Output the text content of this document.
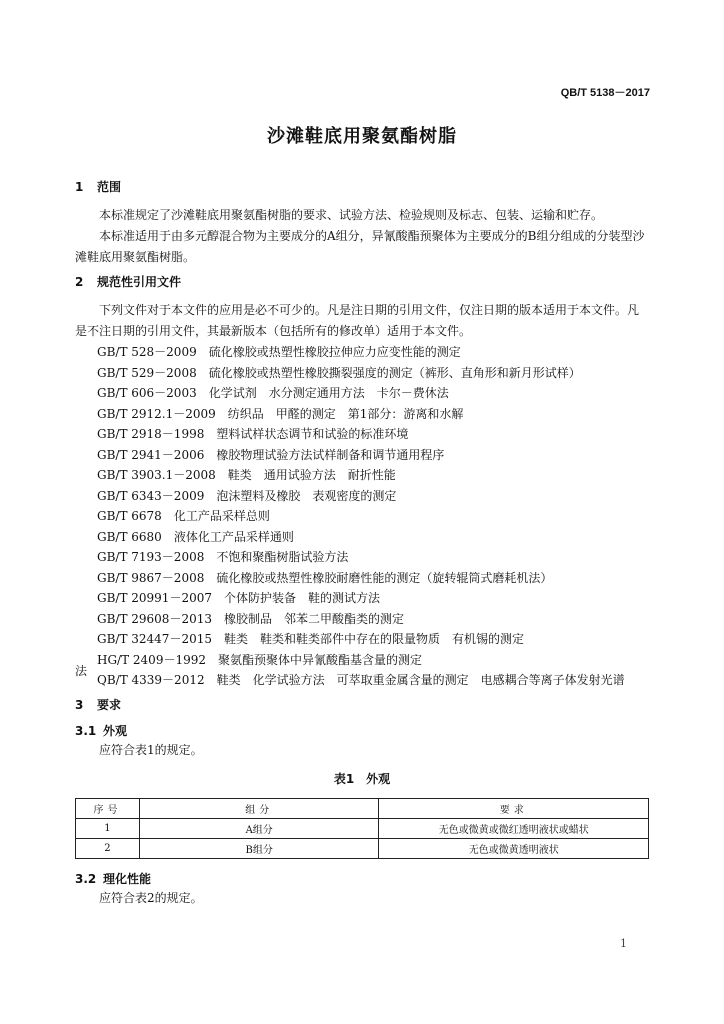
QB/T 5138－2017
沙滩鞋底用聚氨酯树脂
1 范围
本标准规定了沙滩鞋底用聚氨酯树脂的要求、试验方法、检验规则及标志、包装、运输和贮存。
本标准适用于由多元醇混合物为主要成分的A组分，异氰酸酯预聚体为主要成分的B组分组成的分装型沙滩鞋底用聚氨酯树脂。
2 规范性引用文件
下列文件对于本文件的应用是必不可少的。凡是注日期的引用文件，仅注日期的版本适用于本文件。凡是不注日期的引用文件，其最新版本（包括所有的修改单）适用于本文件。
GB/T 528－2009 硫化橡胶或热塑性橡胶拉伸应力应变性能的测定
GB/T 529－2008 硫化橡胶或热塑性橡胶撕裂强度的测定（裤形、直角形和新月形试样）
GB/T 606－2003 化学试剂　水分测定通用方法　卡尔－费休法
GB/T 2912.1－2009 纺织品　甲醛的测定　第1部分：游离和水解
GB/T 2918－1998 塑料试样状态调节和试验的标准环境
GB/T 2941－2006 橡胶物理试验方法试样制备和调节通用程序
GB/T 3903.1－2008 鞋类　通用试验方法　耐折性能
GB/T 6343－2009 泡沫塑料及橡胶　表观密度的测定
GB/T 6678 化工产品采样总则
GB/T 6680 液体化工产品采样通则
GB/T 7193－2008 不饱和聚酯树脂试验方法
GB/T 9867－2008 硫化橡胶或热塑性橡胶耐磨性能的测定（旋转辊筒式磨耗机法）
GB/T 20991－2007 个体防护装备　鞋的测试方法
GB/T 29608－2013 橡胶制品　邻苯二甲酸酯类的测定
GB/T 32447－2015 鞋类　鞋类和鞋类部件中存在的限量物质　有机锡的测定
HG/T 2409－1992 聚氨酯预聚体中异氰酸酯基含量的测定
QB/T 4339－2012 鞋类　化学试验方法　可萃取重金属含量的测定　电感耦合等离子体发射光谱
法
3 要求
3.1 外观
应符合表1的规定。
表1　外观
序号	组分	要求
1	A组分	无色或微黄或微红透明液状或蜡状
2	B组分	无色或微黄透明液状
3.2 理化性能
应符合表2的规定。
1
